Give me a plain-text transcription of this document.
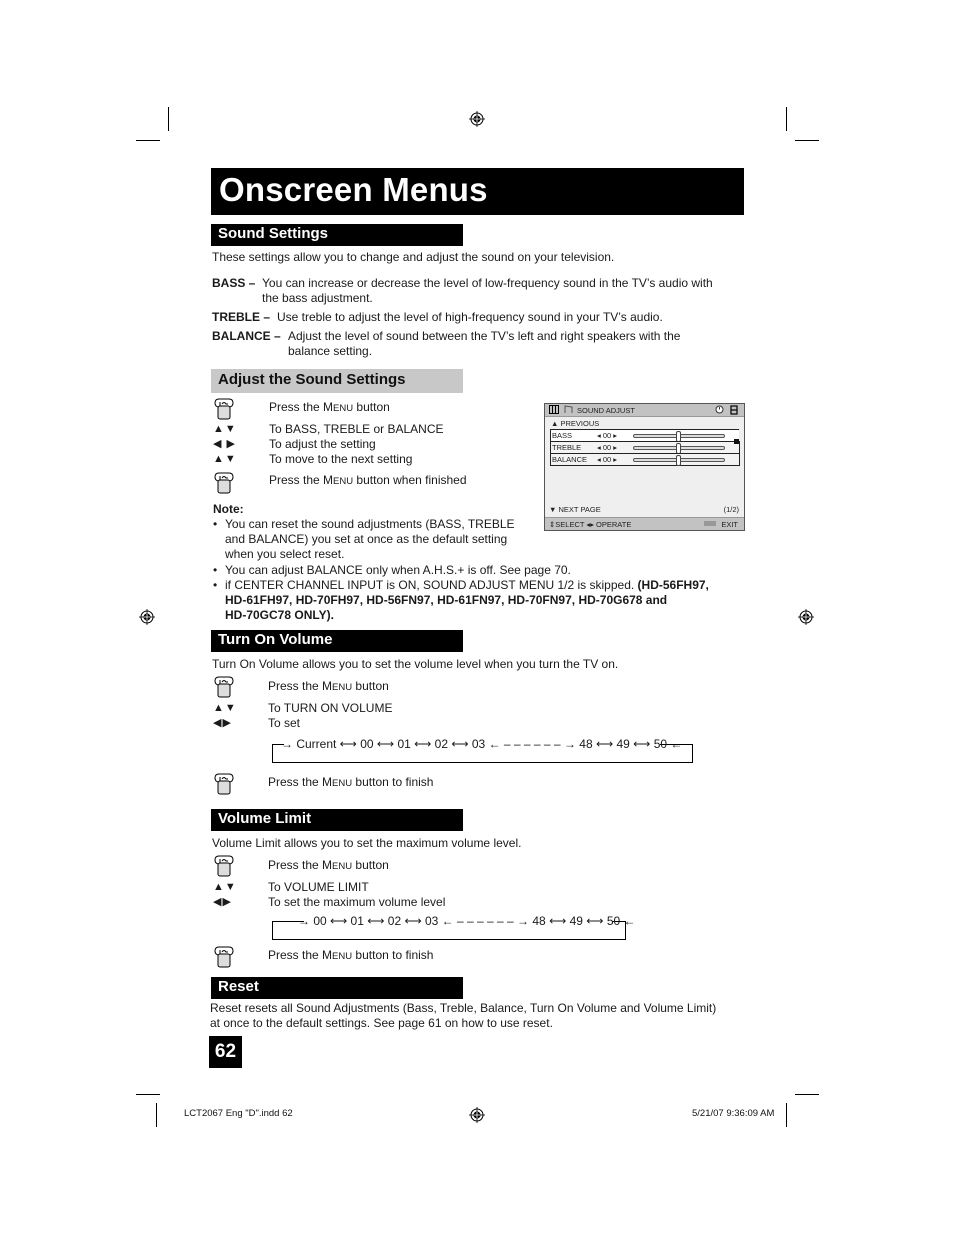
Onscreen Menus
Sound Settings
These settings allow you to change and adjust the sound on your television.
BASS – You can increase or decrease the level of low-frequency sound in the TV’s audio with
the bass adjustment.
TREBLE – Use treble to adjust the level of high-frequency sound in your TV’s audio.
BALANCE – Adjust the level of sound between the TV’s left and right speakers with the
balance setting.
Adjust the Sound Settings
Press the MENU button
▲▼	To BASS, TREBLE or BALANCE
◀ ▶	To adjust the setting
▲▼	To move to the next setting
Press the MENU button when finished
SOUND ADJUST
▲ PREVIOUS
BASS	◂ 00 ▸
TREBLE ◂ 00 ▸
BALANCE ◂ 00 ▸
▼ NEXT PAGE	(1/2)
⇕SELECT ◂▸ OPERATE	EXIT
Note:
• You can reset the sound adjustments (BASS, TREBLE
and BALANCE) you set at once as the default setting
when you select reset.
• You can adjust BALANCE only when A.H.S.+ is off. See page 70.
• if CENTER CHANNEL INPUT is ON, SOUND ADJUST MENU 1/2 is skipped. (HD-56FH97,
HD-61FH97, HD-70FH97, HD-56FN97, HD-61FN97, HD-70FN97, HD-70G678 and
HD-70GC78 ONLY).
Turn On Volume
Turn On Volume allows you to set the volume level when you turn the TV on.
Press the MENU button
▲▼	To TURN ON VOLUME
◀▶	To set
→ Current ⟷ 00 ⟷ 01 ⟷ 02 ⟷ 03 ← – – – – – – → 48 ⟷ 49 ⟷ 50 ←
Press the MENU button to finish
Volume Limit
Volume Limit allows you to set the maximum volume level.
Press the MENU button
▲▼	To VOLUME LIMIT
◀▶	To set the maximum volume level
→ 00 ⟷ 01 ⟷ 02 ⟷ 03 ← – – – – – – → 48 ⟷ 49 ⟷ 50 ←
Press the MENU button to finish
Reset
Reset resets all Sound Adjustments (Bass, Treble, Balance, Turn On Volume and Volume Limit)
at once to the default settings. See page 61 on how to use reset.
62
LCT2067 Eng "D".indd 62	5/21/07 9:36:09 AM
